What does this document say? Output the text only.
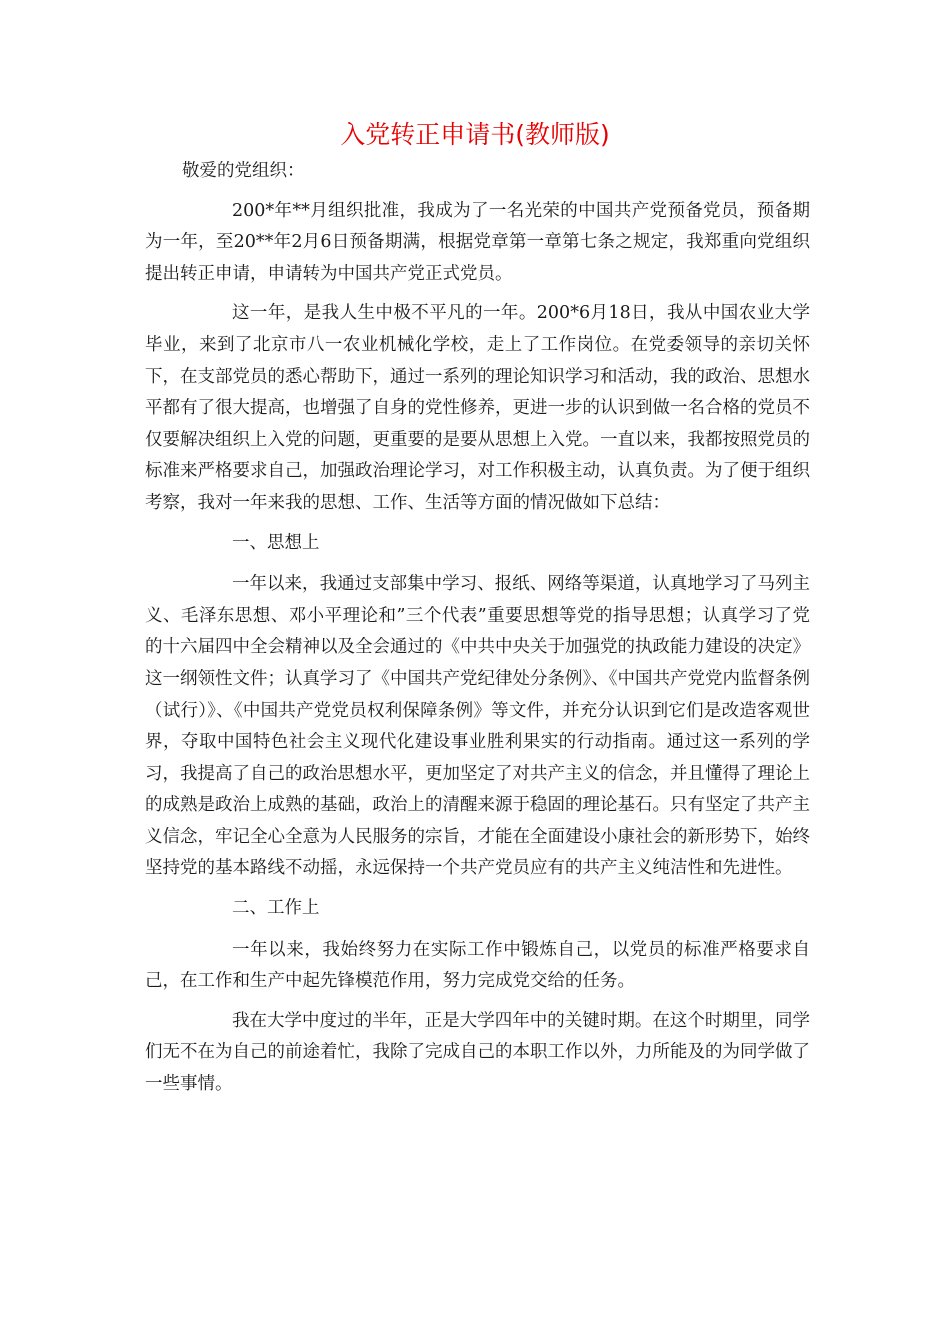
入党转正申请书(教师版)

敬爱的党组织：

200*年**月组织批准，我成为了一名光荣的中国共产党预备党员，预备期为一年，至20**年2月6日预备期满，根据党章第一章第七条之规定，我郑重向党组织提出转正申请，申请转为中国共产党正式党员。

这一年，是我人生中极不平凡的一年。200*6月18日，我从中国农业大学毕业，来到了北京市八一农业机械化学校，走上了工作岗位。在党委领导的亲切关怀下，在支部党员的悉心帮助下，通过一系列的理论知识学习和活动，我的政治、思想水平都有了很大提高，也增强了自身的党性修养，更进一步的认识到做一名合格的党员不仅要解决组织上入党的问题，更重要的是要从思想上入党。一直以来，我都按照党员的标准来严格要求自己，加强政治理论学习，对工作积极主动，认真负责。为了便于组织考察，我对一年来我的思想、工作、生活等方面的情况做如下总结：

一、思想上

一年以来，我通过支部集中学习、报纸、网络等渠道，认真地学习了马列主义、毛泽东思想、邓小平理论和”三个代表”重要思想等党的指导思想；认真学习了党的十六届四中全会精神以及全会通过的《中共中央关于加强党的执政能力建设的决定》这一纲领性文件；认真学习了《中国共产党纪律处分条例》、《中国共产党党内监督条例（试行）》、《中国共产党党员权利保障条例》等文件，并充分认识到它们是改造客观世界，夺取中国特色社会主义现代化建设事业胜利果实的行动指南。通过这一系列的学习，我提高了自己的政治思想水平，更加坚定了对共产主义的信念，并且懂得了理论上的成熟是政治上成熟的基础，政治上的清醒来源于稳固的理论基石。只有坚定了共产主义信念，牢记全心全意为人民服务的宗旨，才能在全面建设小康社会的新形势下，始终坚持党的基本路线不动摇，永远保持一个共产党员应有的共产主义纯洁性和先进性。

二、工作上

一年以来，我始终努力在实际工作中锻炼自己，以党员的标准严格要求自己，在工作和生产中起先锋模范作用，努力完成党交给的任务。

我在大学中度过的半年，正是大学四年中的关键时期。在这个时期里，同学们无不在为自己的前途着忙，我除了完成自己的本职工作以外，力所能及的为同学做了一些事情。
